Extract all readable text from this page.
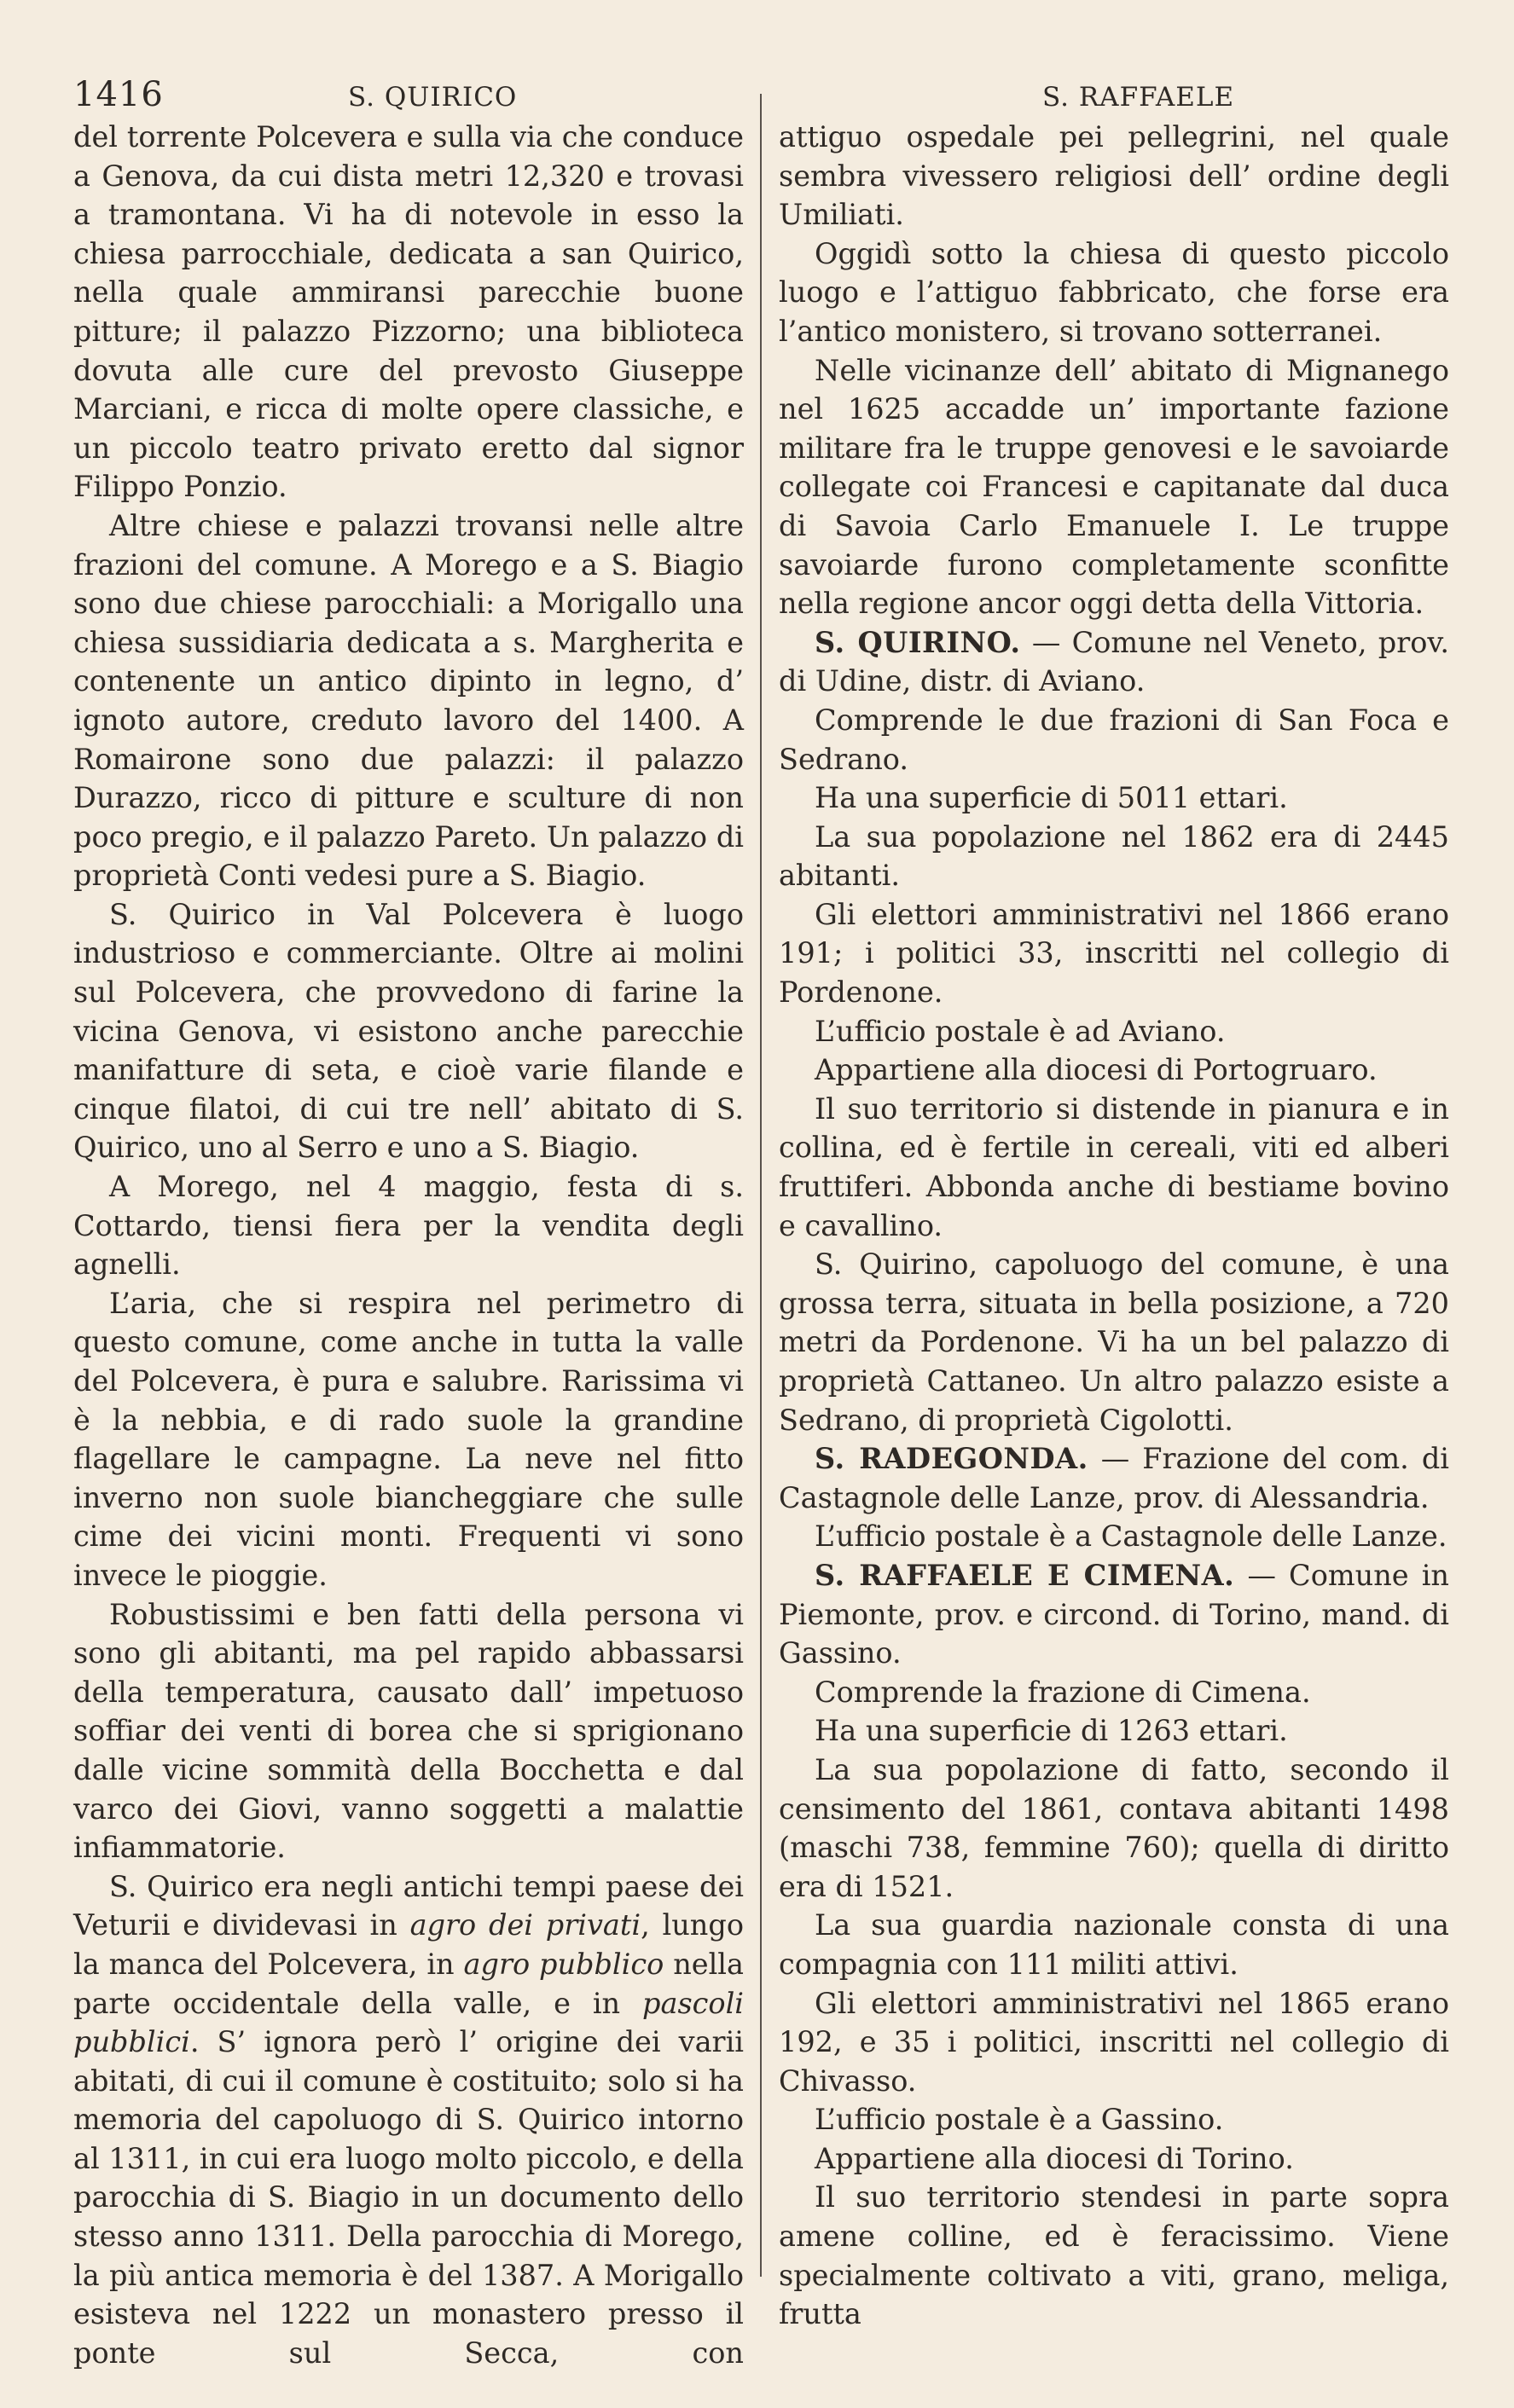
1416	S. QUIRICO	S. RAFFAELE

del torrente Polcevera e sulla via che conduce a Genova, da cui dista metri 12,320 e trovasi a tramontana. Vi ha di notevole in esso la chiesa parrocchiale, dedicata a san Quirico, nella quale ammiransi parecchie buone pitture; il palazzo Pizzorno; una biblioteca dovuta alle cure del prevosto Giuseppe Marciani, e ricca di molte opere classiche, e un piccolo teatro privato eretto dal signor Filippo Ponzio.

Altre chiese e palazzi trovansi nelle altre frazioni del comune. A Morego e a S. Biagio sono due chiese parocchiali: a Morigallo una chiesa sussidiaria dedicata a s. Margherita e contenente un antico dipinto in legno, d’ ignoto autore, creduto lavoro del 1400. A Romairone sono due palazzi: il palazzo Durazzo, ricco di pitture e sculture di non poco pregio, e il palazzo Pareto. Un palazzo di proprietà Conti vedesi pure a S. Biagio.

S. Quirico in Val Polcevera è luogo industrioso e commerciante. Oltre ai molini sul Polcevera, che provvedono di farine la vicina Genova, vi esistono anche parecchie manifatture di seta, e cioè varie filande e cinque filatoi, di cui tre nell’ abitato di S. Quirico, uno al Serro e uno a S. Biagio.

A Morego, nel 4 maggio, festa di s. Cottardo, tiensi fiera per la vendita degli agnelli.

L’aria, che si respira nel perimetro di questo comune, come anche in tutta la valle del Polcevera, è pura e salubre. Rarissima vi è la nebbia, e di rado suole la grandine flagellare le campagne. La neve nel fitto inverno non suole biancheggiare che sulle cime dei vicini monti. Frequenti vi sono invece le pioggie.

Robustissimi e ben fatti della persona vi sono gli abitanti, ma pel rapido abbassarsi della temperatura, causato dall’ impetuoso soffiar dei venti di borea che si sprigionano dalle vicine sommità della Bocchetta e dal varco dei Giovi, vanno soggetti a malattie infiammatorie.

S. Quirico era negli antichi tempi paese dei Veturii e dividevasi in agro dei privati, lungo la manca del Polcevera, in agro pubblico nella parte occidentale della valle, e in pascoli pubblici. S’ ignora però l’ origine dei varii abitati, di cui il comune è costituito; solo si ha memoria del capoluogo di S. Quirico intorno al 1311, in cui era luogo molto piccolo, e della parocchia di S. Biagio in un documento dello stesso anno 1311. Della parocchia di Morego, la più antica memoria è del 1387. A Morigallo esisteva nel 1222 un monastero presso il ponte sul Secca, con

attiguo ospedale pei pellegrini, nel quale sembra vivessero religiosi dell’ ordine degli Umiliati.

Oggidì sotto la chiesa di questo piccolo luogo e l’attiguo fabbricato, che forse era l’antico monistero, si trovano sotterranei.

Nelle vicinanze dell’ abitato di Mignanego nel 1625 accadde un’ importante fazione militare fra le truppe genovesi e le savoiarde collegate coi Francesi e capitanate dal duca di Savoia Carlo Emanuele I. Le truppe savoiarde furono completamente sconfitte nella regione ancor oggi detta della Vittoria.

S. QUIRINO. — Comune nel Veneto, prov. di Udine, distr. di Aviano.

Comprende le due frazioni di San Foca e Sedrano.

Ha una superficie di 5011 ettari.

La sua popolazione nel 1862 era di 2445 abitanti.

Gli elettori amministrativi nel 1866 erano 191; i politici 33, inscritti nel collegio di Pordenone.

L’ufficio postale è ad Aviano.

Appartiene alla diocesi di Portogruaro.

Il suo territorio si distende in pianura e in collina, ed è fertile in cereali, viti ed alberi fruttiferi. Abbonda anche di bestiame bovino e cavallino.

S. Quirino, capoluogo del comune, è una grossa terra, situata in bella posizione, a 720 metri da Pordenone. Vi ha un bel palazzo di proprietà Cattaneo. Un altro palazzo esiste a Sedrano, di proprietà Cigolotti.

S. RADEGONDA. — Frazione del com. di Castagnole delle Lanze, prov. di Alessandria.

L’ufficio postale è a Castagnole delle Lanze.

S. RAFFAELE E CIMENA. — Comune in Piemonte, prov. e circond. di Torino, mand. di Gassino.

Comprende la frazione di Cimena.

Ha una superficie di 1263 ettari.

La sua popolazione di fatto, secondo il censimento del 1861, contava abitanti 1498 (maschi 738, femmine 760); quella di diritto era di 1521.

La sua guardia nazionale consta di una compagnia con 111 militi attivi.

Gli elettori amministrativi nel 1865 erano 192, e 35 i politici, inscritti nel collegio di Chivasso.

L’ufficio postale è a Gassino.

Appartiene alla diocesi di Torino.

Il suo territorio stendesi in parte sopra amene colline, ed è feracissimo. Viene specialmente coltivato a viti, grano, meliga, frutta
